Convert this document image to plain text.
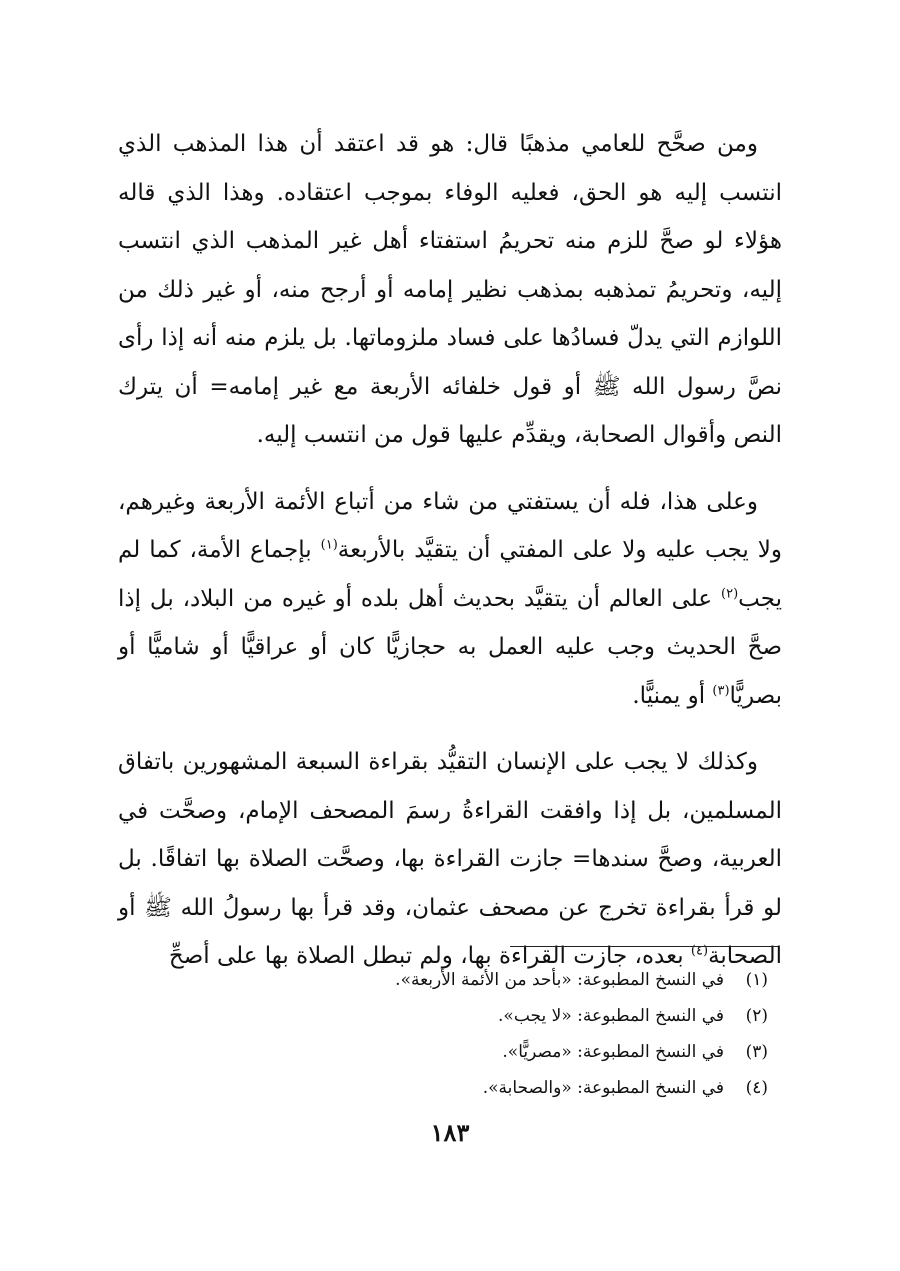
ومن صحَّح للعامي مذهبًا قال: هو قد اعتقد أن هذا المذهب الذي انتسب إليه هو الحق، فعليه الوفاء بموجب اعتقاده. وهذا الذي قاله هؤلاء لو صحَّ للزم منه تحريمُ استفتاء أهل غير المذهب الذي انتسب إليه، وتحريمُ تمذهبه بمذهب نظير إمامه أو أرجح منه، أو غير ذلك من اللوازم التي يدلّ فسادُها على فساد ملزوماتها. بل يلزم منه أنه إذا رأى نصَّ رسول الله ﷺ أو قول خلفائه الأربعة مع غير إمامه= أن يترك النص وأقوال الصحابة، ويقدِّم عليها قول من انتسب إليه.

وعلى هذا، فله أن يستفتي من شاء من أتباع الأئمة الأربعة وغيرهم، ولا يجب عليه ولا على المفتي أن يتقيَّد بالأربعة$^{(١)}$ بإجماع الأمة، كما لم يجب$^{(٢)}$ على العالم أن يتقيَّد بحديث أهل بلده أو غيره من البلاد، بل إذا صحَّ الحديث وجب عليه العمل به حجازيًّا كان أو عراقيًّا أو شاميًّا أو بصريًّا$^{(٣)}$ أو يمنيًّا.

وكذلك لا يجب على الإنسان التقيُّد بقراءة السبعة المشهورين باتفاق المسلمين، بل إذا وافقت القراءةُ رسمَ المصحف الإمام، وصحَّت في العربية، وصحَّ سندها= جازت القراءة بها، وصحَّت الصلاة بها اتفاقًا. بل لو قرأ بقراءة تخرج عن مصحف عثمان، وقد قرأ بها رسولُ الله ﷺ أو الصحابة$^{(٤)}$ بعده، جازت القراءة بها، ولم تبطل الصلاة بها على أصحِّ

(١)في النسخ المطبوعة: «بأحد من الأئمة الأربعة».
(٢)في النسخ المطبوعة: «لا يجب».
(٣)في النسخ المطبوعة: «مصريًّا».
(٤)في النسخ المطبوعة: «والصحابة».
١٨٣
